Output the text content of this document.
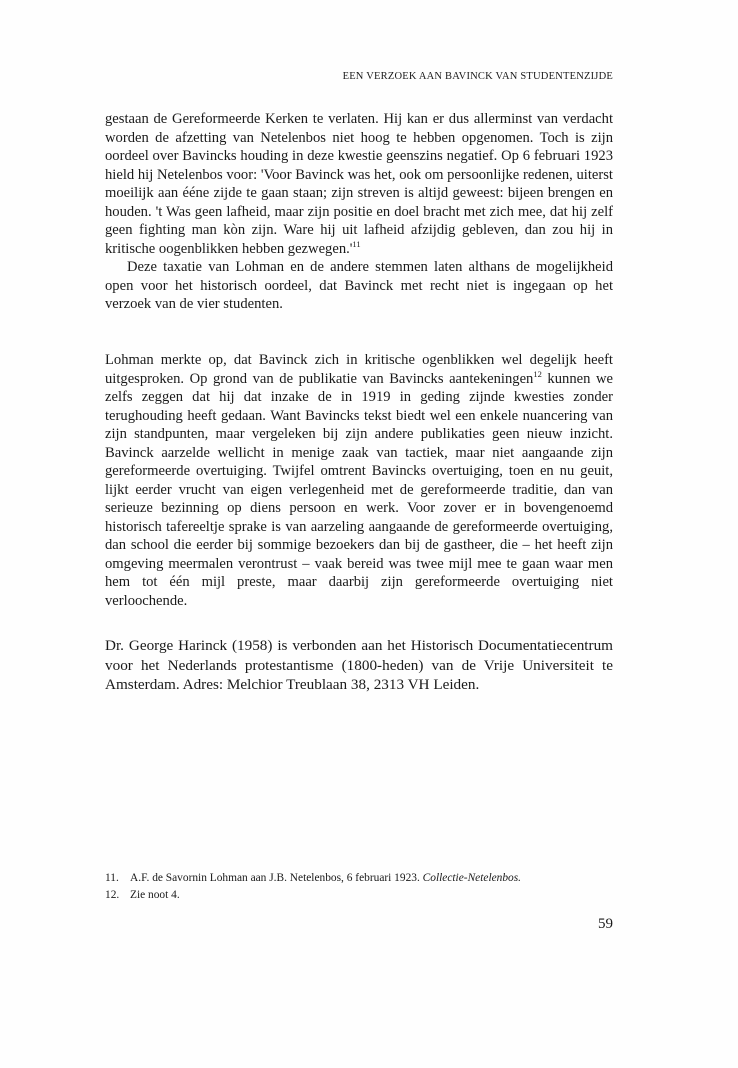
EEN VERZOEK AAN BAVINCK VAN STUDENTENZIJDE

gestaan de Gereformeerde Kerken te verlaten. Hij kan er dus allerminst van verdacht worden de afzetting van Netelenbos niet hoog te hebben opgenomen. Toch is zijn oordeel over Bavincks houding in deze kwestie geenszins negatief. Op 6 februari 1923 hield hij Netelenbos voor: 'Voor Bavinck was het, ook om persoonlijke redenen, uiterst moeilijk aan ééne zijde te gaan staan; zijn streven is altijd geweest: bijeen brengen en houden. 't Was geen lafheid, maar zijn positie en doel bracht met zich mee, dat hij zelf geen fighting man kòn zijn. Ware hij uit lafheid afzijdig gebleven, dan zou hij in kritische oogenblikken hebben $gezwegen.'^{11}$

Deze taxatie van Lohman en de andere stemmen laten althans de mogelijkheid open voor het historisch oordeel, dat Bavinck met recht niet is ingegaan op het verzoek van de vier studenten.

Lohman merkte op, dat Bavinck zich in kritische ogenblikken wel degelijk heeft uitgesproken. Op grond van de publikatie van Bavincks aantekeningen$^{12}$ kunnen we zelfs zeggen dat hij dat inzake de in 1919 in geding zijnde kwesties zonder terughouding heeft gedaan. Want Bavincks tekst biedt wel een enkele nuancering van zijn standpunten, maar vergeleken bij zijn andere publikaties geen nieuw inzicht. Bavinck aarzelde wellicht in menige zaak van tactiek, maar niet aangaande zijn gereformeerde overtuiging. Twijfel omtrent Bavincks overtuiging, toen en nu geuit, lijkt eerder vrucht van eigen verlegenheid met de gereformeerde traditie, dan van serieuze bezinning op diens persoon en werk. Voor zover er in bovengenoemd historisch tafereeltje sprake is van aarzeling aangaande de gereformeerde overtuiging, dan school die eerder bij sommige bezoekers dan bij de gastheer, die – het heeft zijn omgeving meermalen verontrust – vaak bereid was twee mijl mee te gaan waar men hem tot één mijl preste, maar daarbij zijn gereformeerde overtuiging niet verloochende.

Dr. George Harinck (1958) is verbonden aan het Historisch Documentatiecentrum voor het Nederlands protestantisme (1800-heden) van de Vrije Universiteit te Amsterdam. Adres: Melchior Treublaan 38, 2313 VH Leiden.

11. A.F. de Savornin Lohman aan J.B. Netelenbos, 6 februari 1923. Collectie-Netelenbos.
12. Zie noot 4.
59
